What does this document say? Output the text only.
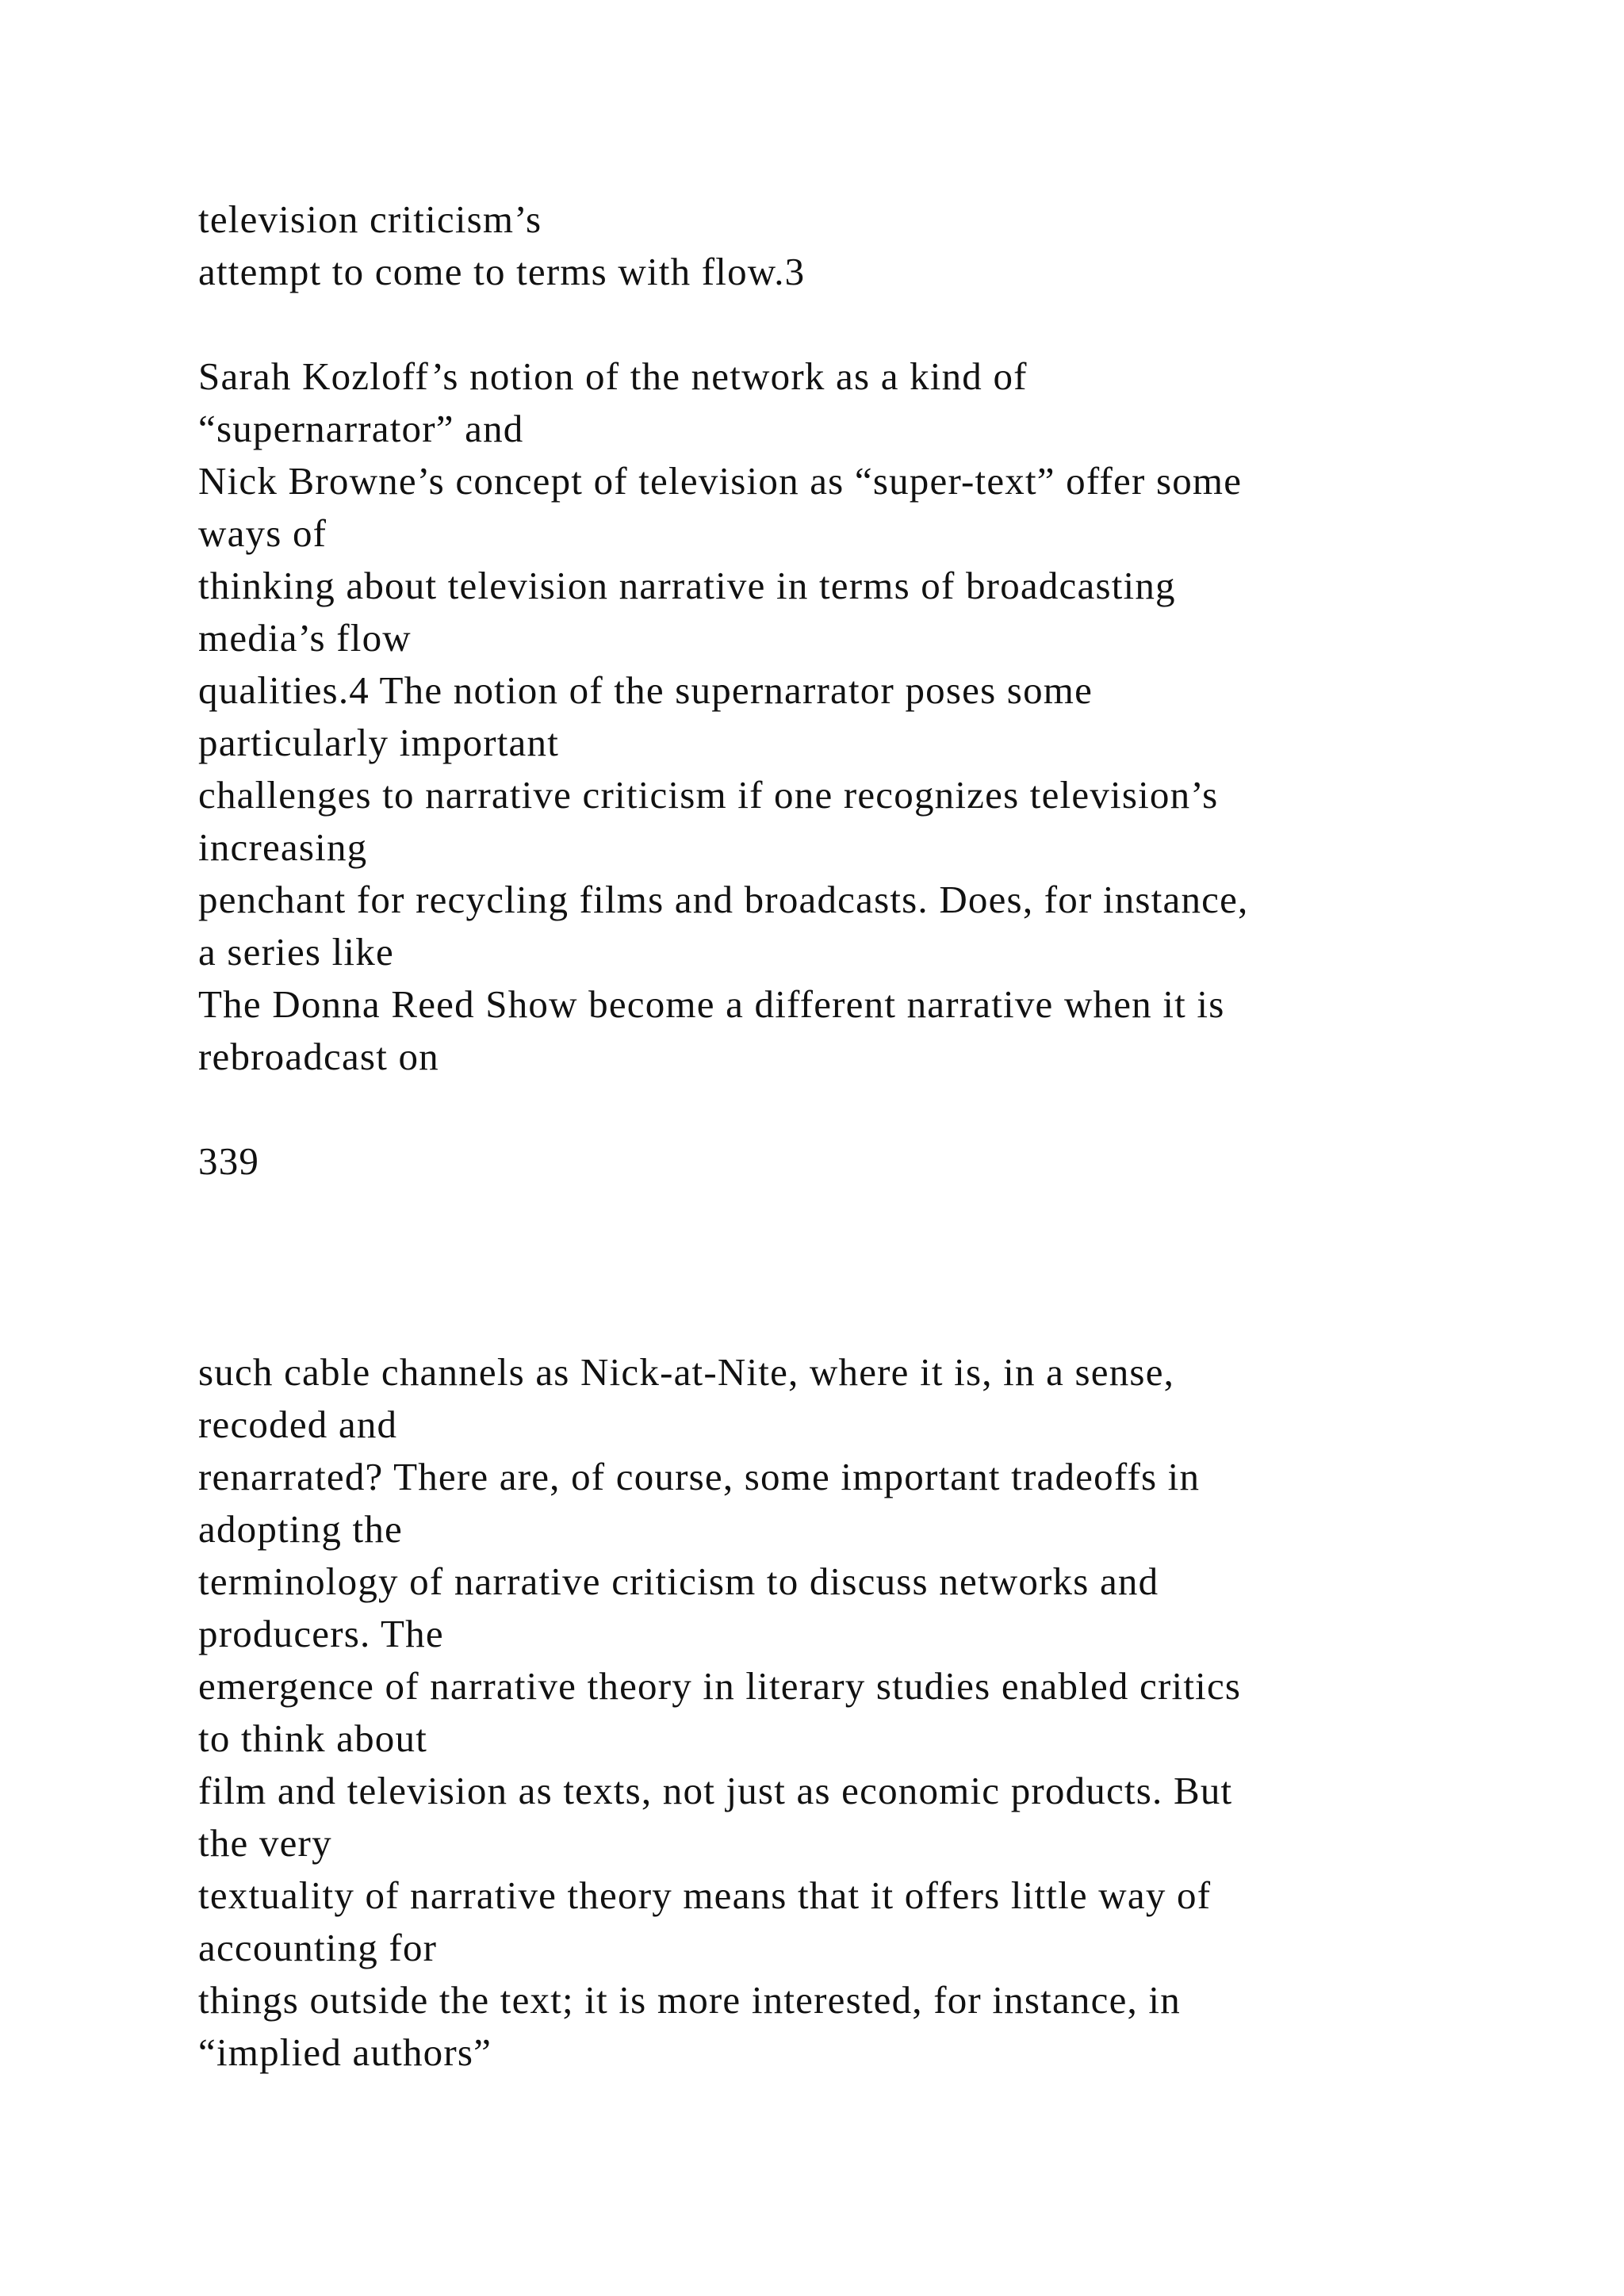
television criticism’s
attempt to come to terms with flow.3
Sarah Kozloff’s notion of the network as a kind of
“supernarrator” and
Nick Browne’s concept of television as “super-text” offer some
ways of
thinking about television narrative in terms of broadcasting
media’s flow
qualities.4 The notion of the supernarrator poses some
particularly important
challenges to narrative criticism if one recognizes television’s
increasing
penchant for recycling films and broadcasts. Does, for instance,
a series like
The Donna Reed Show become a different narrative when it is
rebroadcast on
339
such cable channels as Nick-at-Nite, where it is, in a sense,
recoded and
renarrated? There are, of course, some important tradeoffs in
adopting the
terminology of narrative criticism to discuss networks and
producers. The
emergence of narrative theory in literary studies enabled critics
to think about
film and television as texts, not just as economic products. But
the very
textuality of narrative theory means that it offers little way of
accounting for
things outside the text; it is more interested, for instance, in
“implied authors”
